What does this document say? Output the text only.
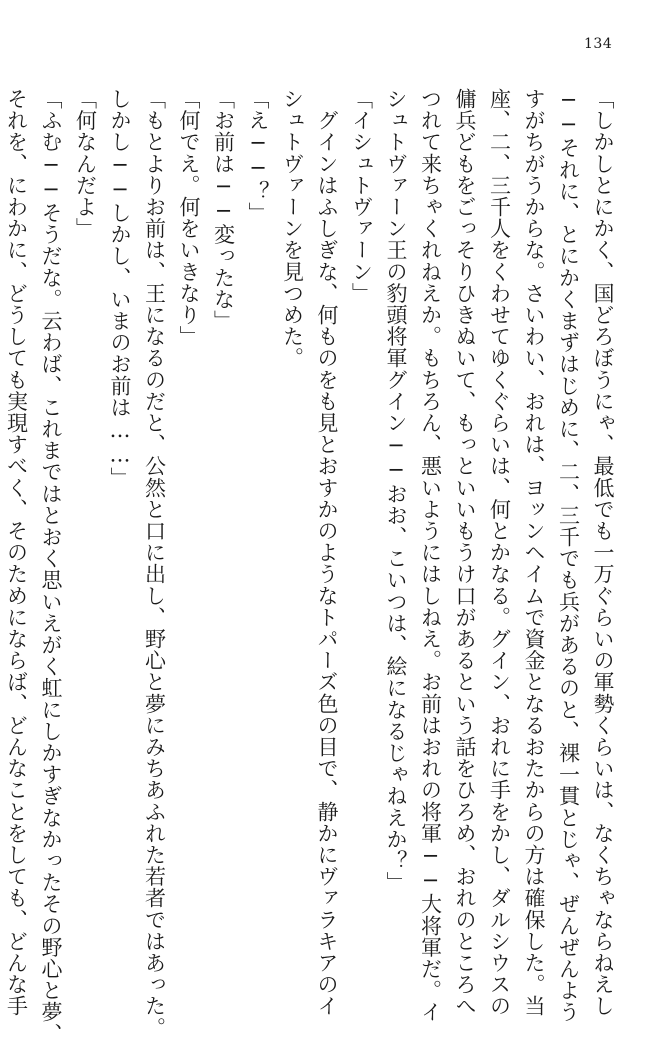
134
「しかしとにかく、国どろぼうにゃ、最低でも一万ぐらいの軍勢くらいは、なくちゃならねえし
──それに、とにかくまずはじめに、二、三千でも兵があるのと、裸一貫とじゃ、ぜんぜんよう
すがちがうからな。さいわい、おれは、ヨッンヘイムで資金となるおたからの方は確保した。当
座、二、三千人をくわせてゆくぐらいは、何とかなる。グイン、おれに手をかし、ダルシウスの
傭兵どもをごっそりひきぬいて、もっといいもうけ口があるという話をひろめ、おれのところへ
つれて来ちゃくれねえか。もちろん、悪いようにはしねえ。お前はおれの将軍──大将軍だ。イ
シュトヴァーン王の豹頭将軍グイン──おお、こいつは、絵になるじゃねえか？」
「イシュトヴァーン」
　グインはふしぎな、何ものをも見とおすかのようなトパーズ色の目で、静かにヴァラキアのイ
シュトヴァーンを見つめた。
「え──？」
「お前は──変ったな」
「何でえ。何をいきなり」
「もとよりお前は、王になるのだと、公然と口に出し、野心と夢にみちあふれた若者ではあった。
しかし──しかし、いまのお前は……」
「何なんだよ」
「ふむ──そうだな。云わば、これまではとおく思いえがく虹にしかすぎなかったその野心と夢、
それを、にわかに、どうしても実現すべく、そのためにならば、どんなことをしても、どんな手
